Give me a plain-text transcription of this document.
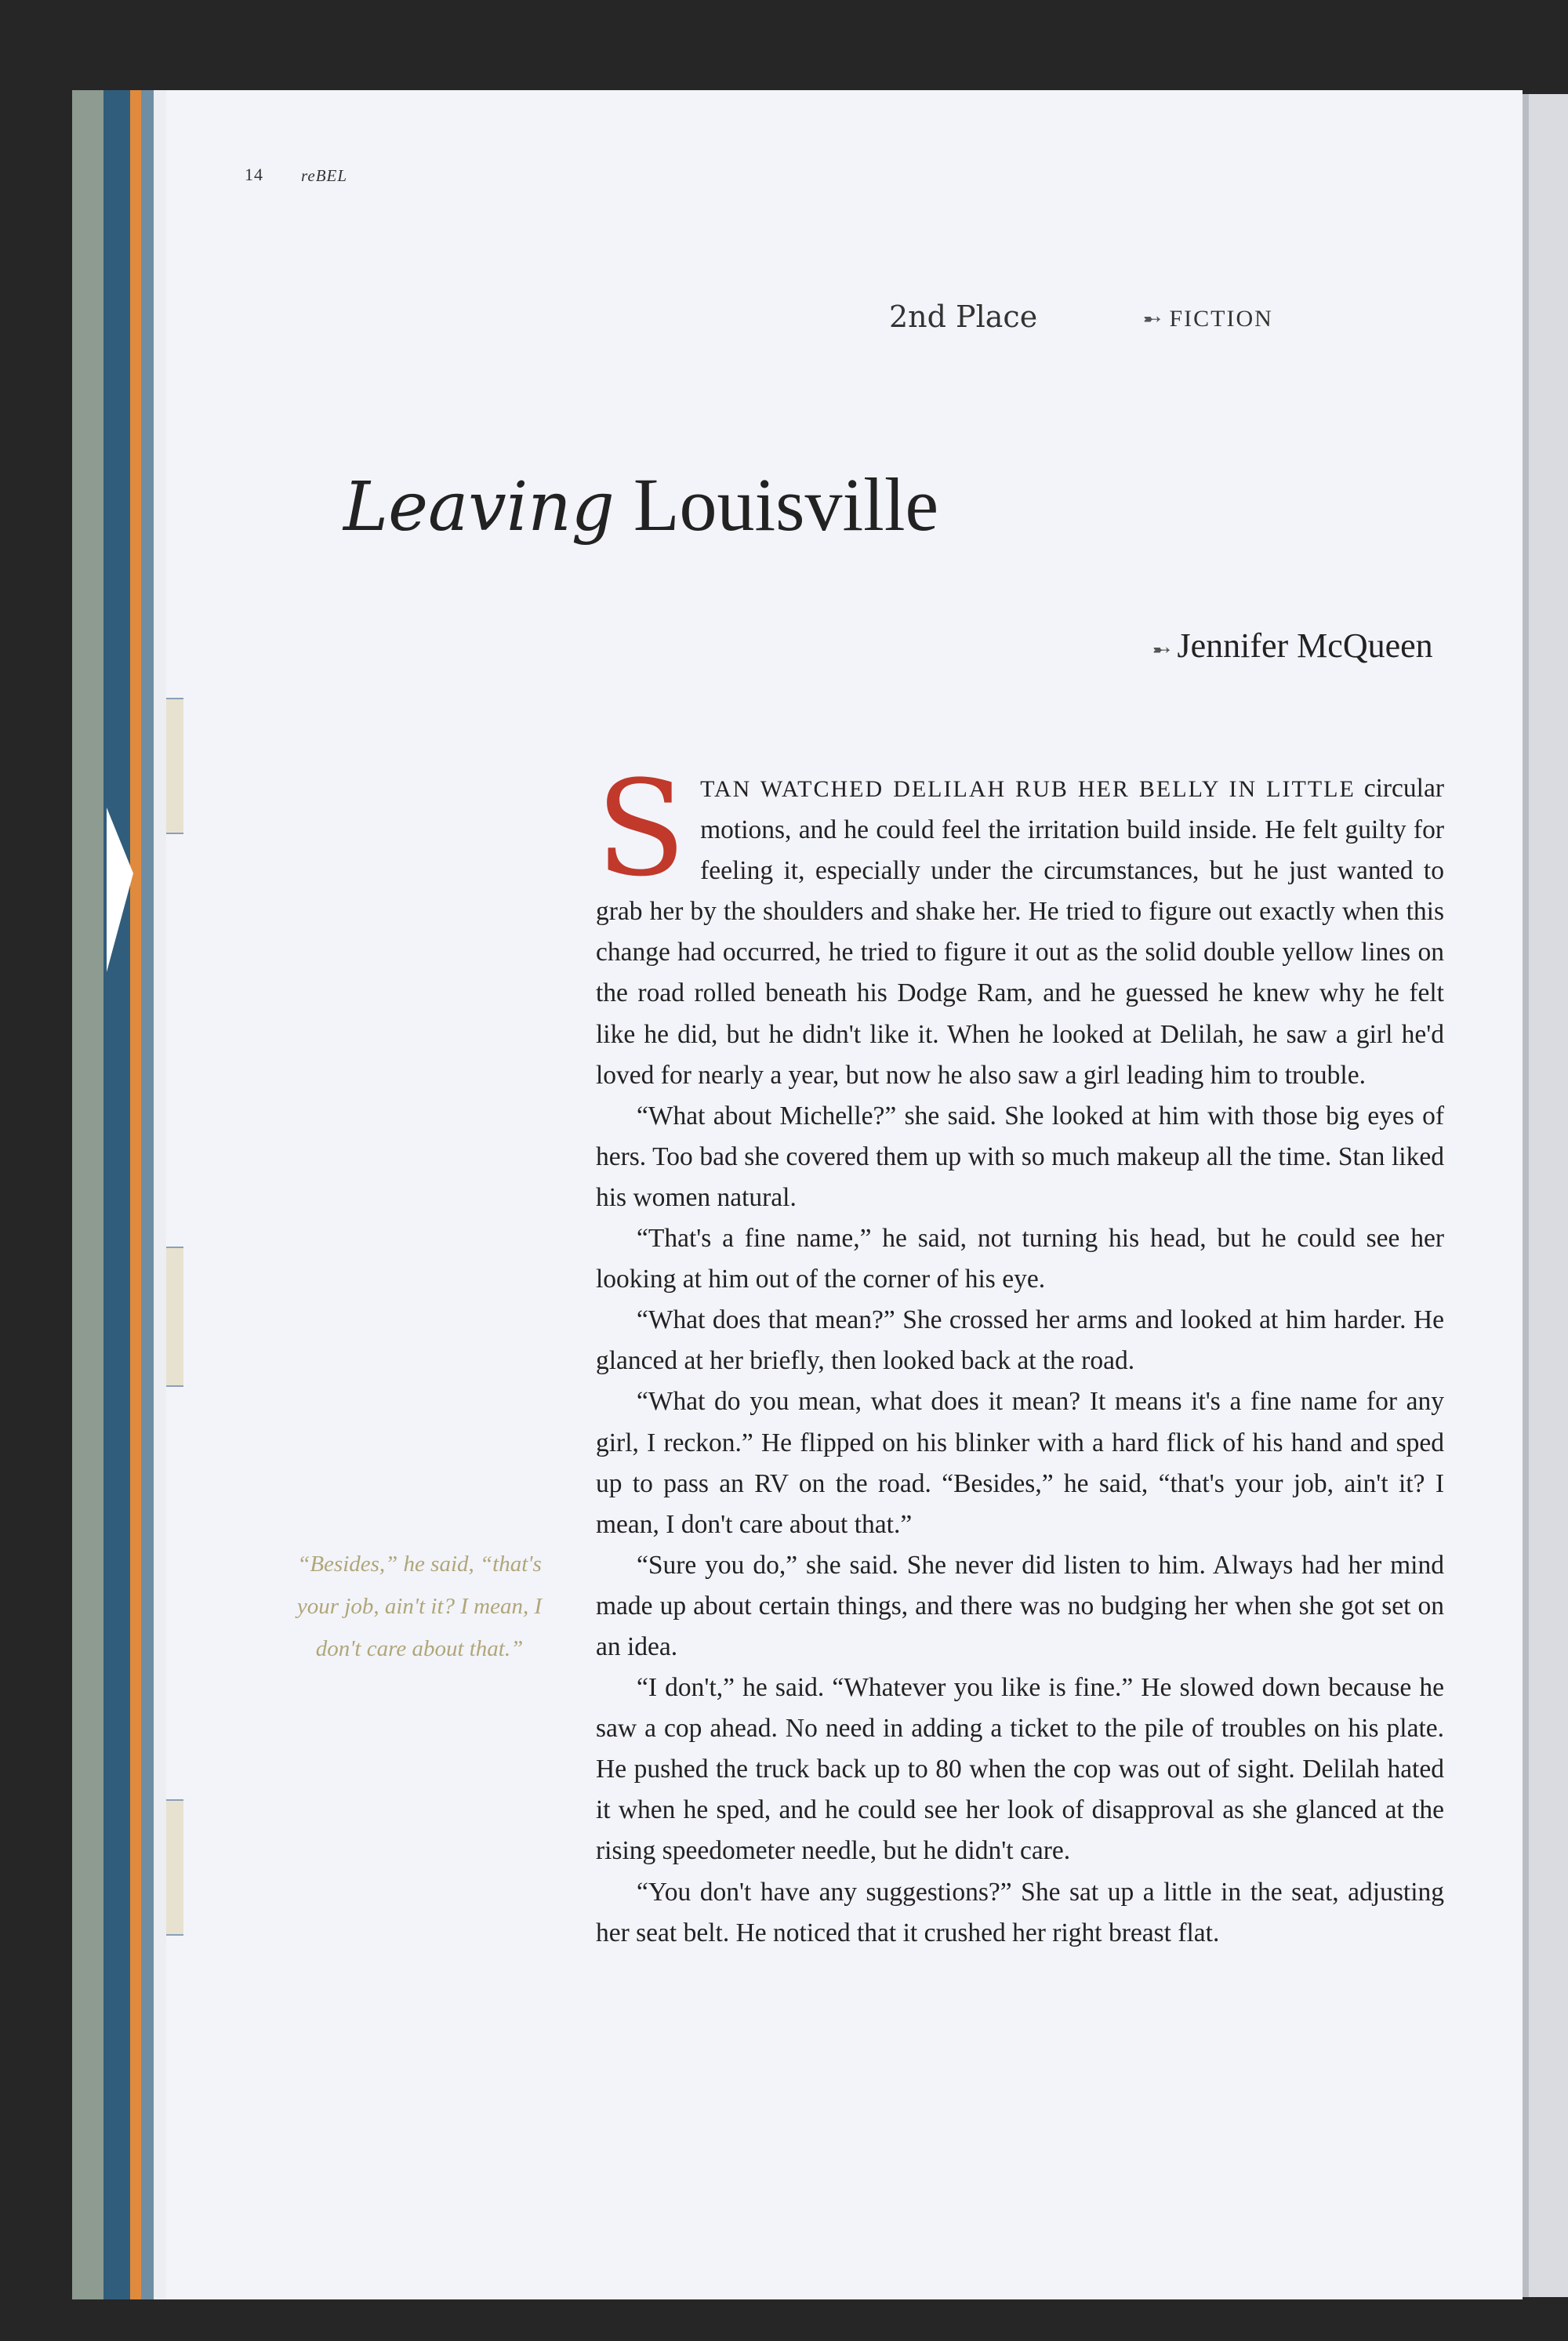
14 reBEL
2nd Place	➸ FICTION
Leaving Louisville
➸ Jennifer McQueen
“Besides,” he said, “that's your job, ain't it? I mean, I don't care about that.”

STAN WATCHED DELILAH RUB HER BELLY IN LITTLE circular motions, and he could feel the irritation build inside. He felt guilty for feeling it, especially under the circumstances, but he just wanted to grab her by the shoulders and shake her. He tried to figure out exactly when this change had occurred, he tried to figure it out as the solid double yellow lines on the road rolled beneath his Dodge Ram, and he guessed he knew why he felt like he did, but he didn't like it. When he looked at Delilah, he saw a girl he'd loved for nearly a year, but now he also saw a girl leading him to trouble.

“What about Michelle?” she said. She looked at him with those big eyes of hers. Too bad she covered them up with so much makeup all the time. Stan liked his women natural.

“That's a fine name,” he said, not turning his head, but he could see her looking at him out of the corner of his eye.

“What does that mean?” She crossed her arms and looked at him harder. He glanced at her briefly, then looked back at the road.

“What do you mean, what does it mean? It means it's a fine name for any girl, I reckon.” He flipped on his blinker with a hard flick of his hand and sped up to pass an RV on the road. “Besides,” he said, “that's your job, ain't it? I mean, I don't care about that.”

“Sure you do,” she said. She never did listen to him. Always had her mind made up about certain things, and there was no budging her when she got set on an idea.

“I don't,” he said. “Whatever you like is fine.” He slowed down because he saw a cop ahead. No need in adding a ticket to the pile of troubles on his plate. He pushed the truck back up to 80 when the cop was out of sight. Delilah hated it when he sped, and he could see her look of disapproval as she glanced at the rising speedometer needle, but he didn't care.

“You don't have any suggestions?” She sat up a little in the seat, adjusting her seat belt. He noticed that it crushed her right breast flat.
